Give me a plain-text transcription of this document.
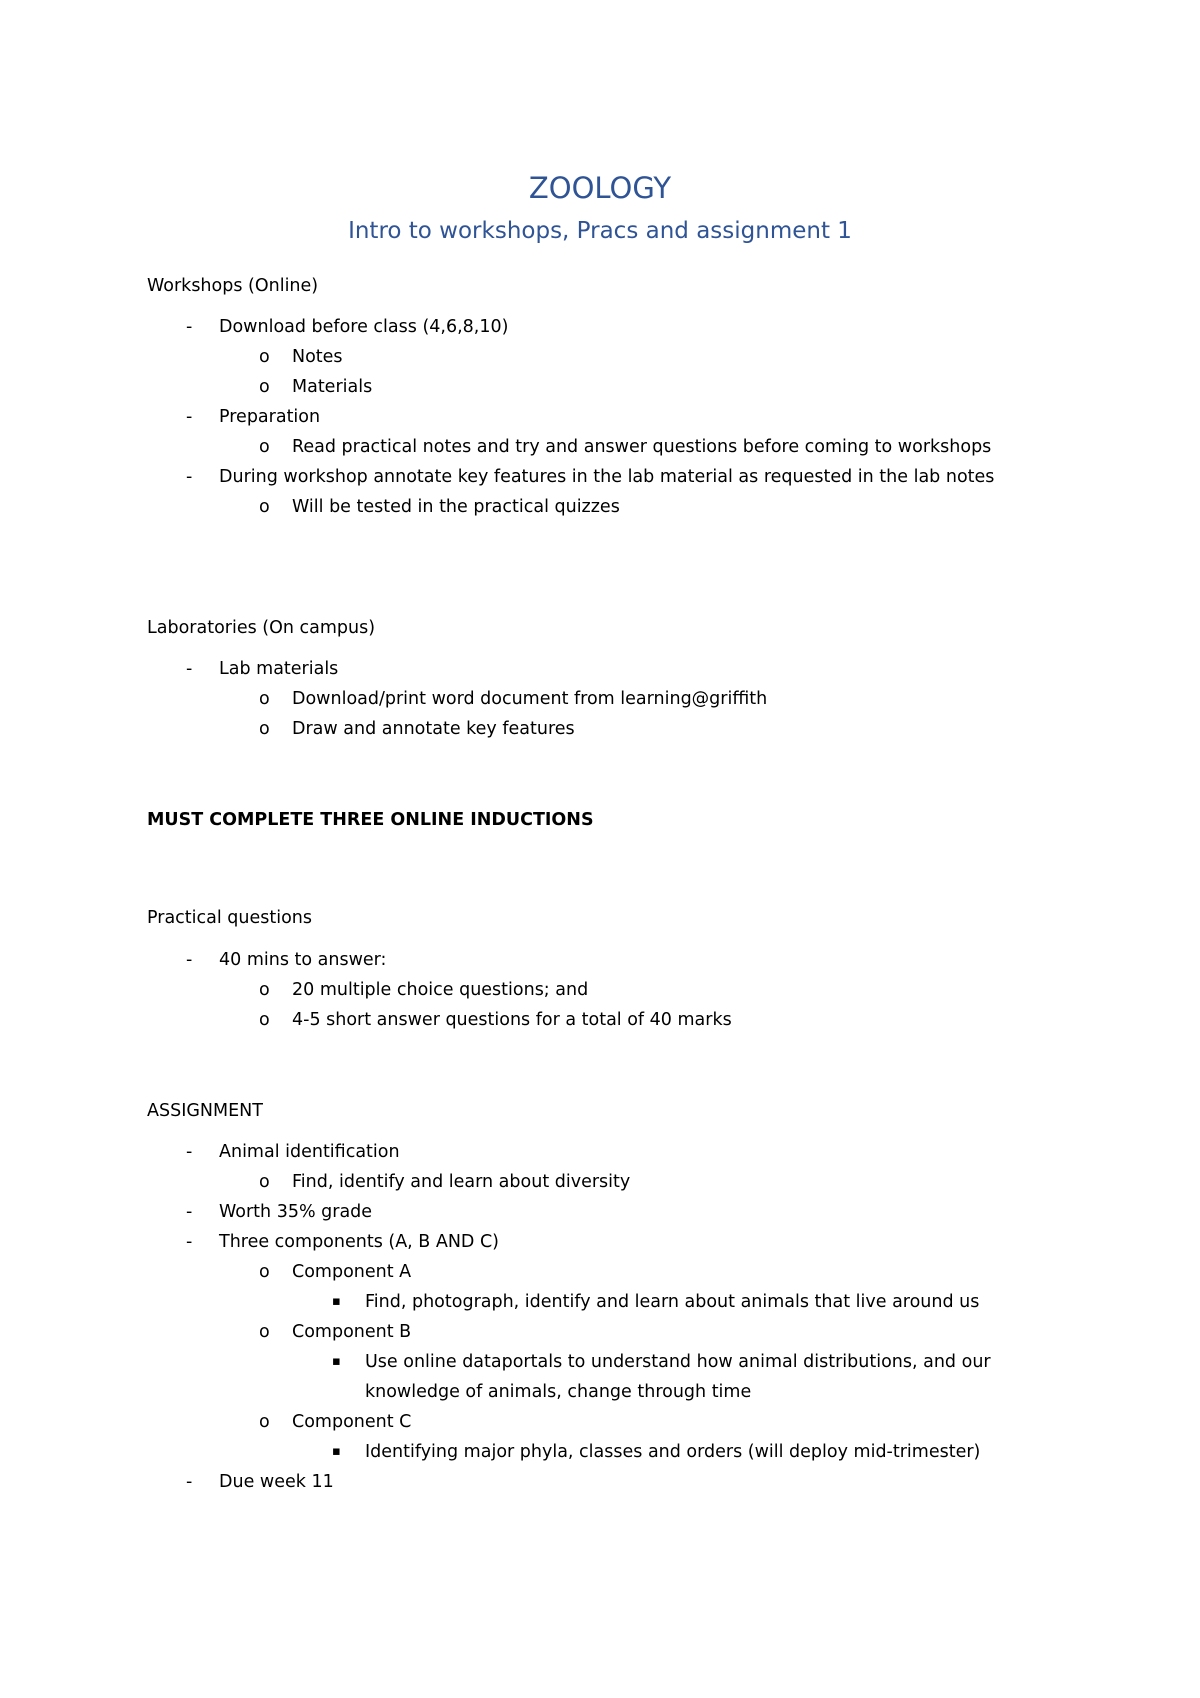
ZOOLOGY
Intro to workshops, Pracs and assignment 1
Workshops (Online)
- Download before class (4,6,8,10)
o Notes
o Materials
- Preparation
o Read practical notes and try and answer questions before coming to workshops
- During workshop annotate key features in the lab material as requested in the lab notes
o Will be tested in the practical quizzes
Laboratories (On campus)
- Lab materials
o Download/print word document from learning@griffith
o Draw and annotate key features
MUST COMPLETE THREE ONLINE INDUCTIONS
Practical questions
- 40 mins to answer:
o 20 multiple choice questions; and
o 4-5 short answer questions for a total of 40 marks
ASSIGNMENT
- Animal identification
o Find, identify and learn about diversity
- Worth 35% grade
- Three components (A, B AND C)
o Component A
▪ Find, photograph, identify and learn about animals that live around us
o Component B
▪ Use online dataportals to understand how animal distributions, and our
knowledge of animals, change through time
o Component C
▪ Identifying major phyla, classes and orders (will deploy mid-trimester)
- Due week 11
